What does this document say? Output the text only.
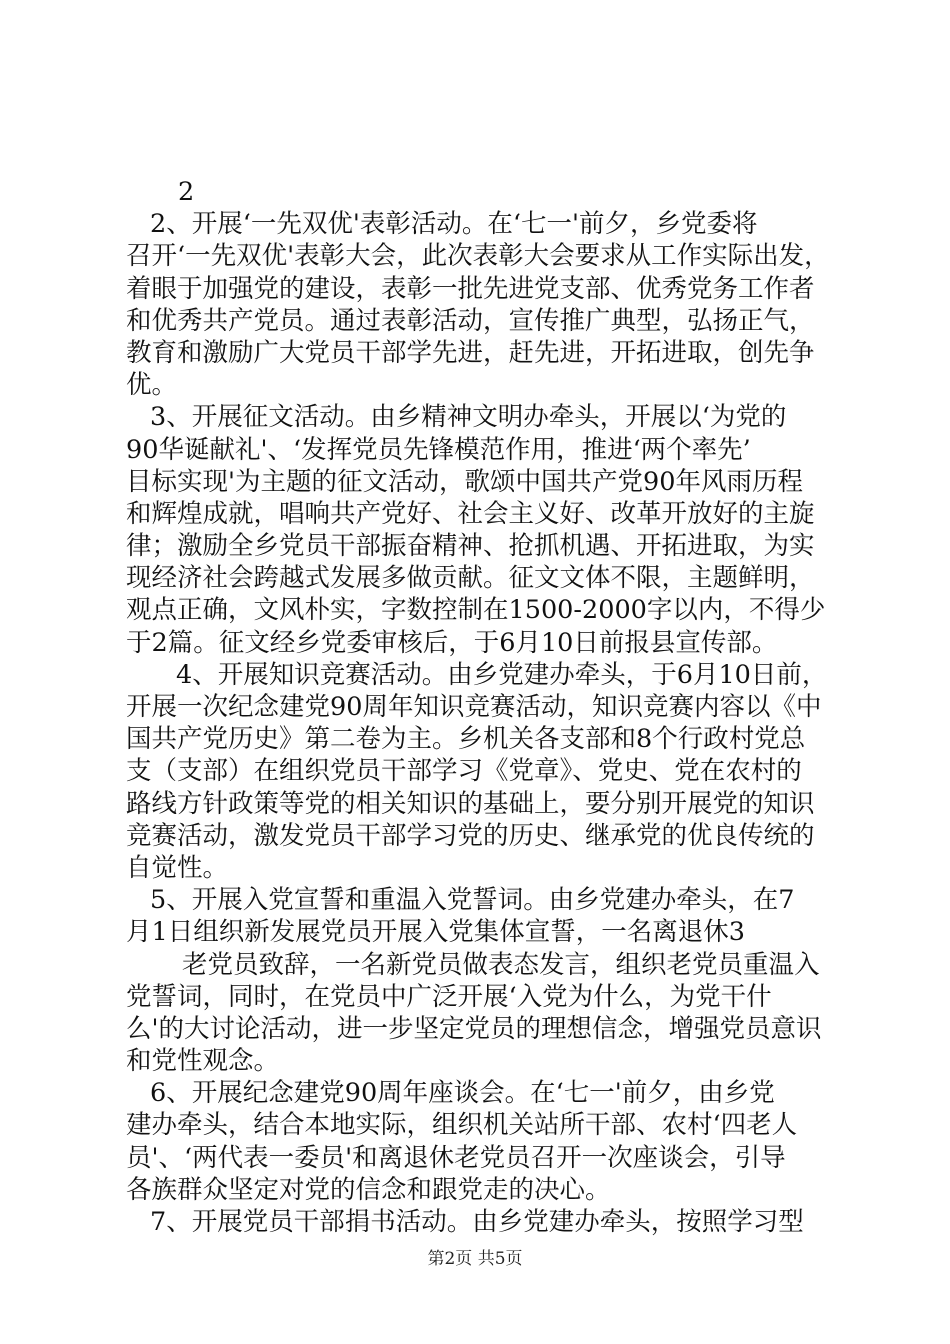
2
2、开展‘一先双优'表彰活动。在‘七一'前夕，乡党委将
召开‘一先双优'表彰大会，此次表彰大会要求从工作实际出发，
着眼于加强党的建设，表彰一批先进党支部、优秀党务工作者
和优秀共产党员。通过表彰活动，宣传推广典型，弘扬正气，
教育和激励广大党员干部学先进，赶先进，开拓进取，创先争
优。
3、开展征文活动。由乡精神文明办牵头，开展以‘为党的
90华诞献礼'、‘发挥党员先锋模范作用，推进‘两个率先’
目标实现'为主题的征文活动，歌颂中国共产党90年风雨历程
和辉煌成就，唱响共产党好、社会主义好、改革开放好的主旋
律；激励全乡党员干部振奋精神、抢抓机遇、开拓进取，为实
现经济社会跨越式发展多做贡献。征文文体不限，主题鲜明，
观点正确，文风朴实，字数控制在1500-2000字以内，不得少
于2篇。征文经乡党委审核后，于6月10日前报县宣传部。
4、开展知识竞赛活动。由乡党建办牵头，于6月10日前，
开展一次纪念建党90周年知识竞赛活动，知识竞赛内容以《中
国共产党历史》第二卷为主。乡机关各支部和8个行政村党总
支（支部）在组织党员干部学习《党章》、党史、党在农村的
路线方针政策等党的相关知识的基础上，要分别开展党的知识
竞赛活动，激发党员干部学习党的历史、继承党的优良传统的
自觉性。
5、开展入党宣誓和重温入党誓词。由乡党建办牵头，在7
月1日组织新发展党员开展入党集体宣誓，一名离退休3
老党员致辞，一名新党员做表态发言，组织老党员重温入
党誓词，同时，在党员中广泛开展‘入党为什么，为党干什
么'的大讨论活动，进一步坚定党员的理想信念，增强党员意识
和党性观念。
6、开展纪念建党90周年座谈会。在‘七一'前夕，由乡党
建办牵头，结合本地实际，组织机关站所干部、农村‘四老人
员'、‘两代表一委员'和离退休老党员召开一次座谈会，引导
各族群众坚定对党的信念和跟党走的决心。
7、开展党员干部捐书活动。由乡党建办牵头，按照学习型
第2页 共5页
